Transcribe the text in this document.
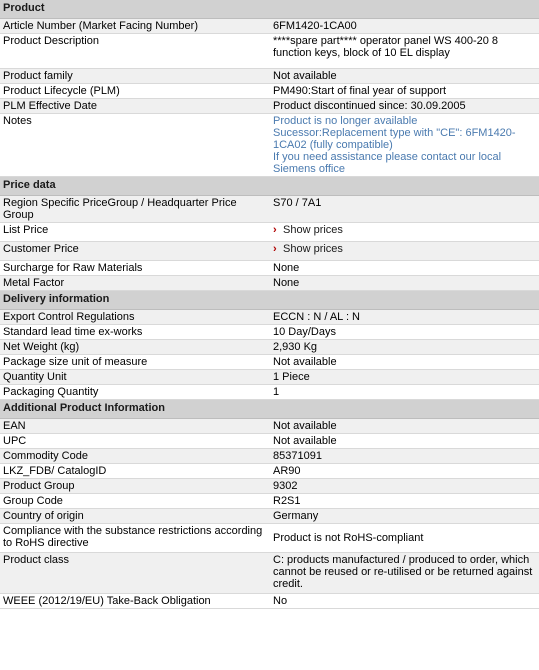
Product	
Article Number (Market Facing Number)	6FM1420-1CA00
Product Description	****spare part**** operator panel WS 400-20 8 function keys, block of 10 EL display
Product family	Not available
Product Lifecycle (PLM)	PM490:Start of final year of support
PLM Effective Date	Product discontinued since: 30.09.2005
Notes	Product is no longer available
Sucessor:Replacement type with "CE": 6FM1420-1CA02 (fully compatible)
If you need assistance please contact our local Siemens office

Price data	
Region Specific PriceGroup / Headquarter Price Group	S70 / 7A1
List Price	› Show prices
Customer Price	› Show prices
Surcharge for Raw Materials	None
Metal Factor	None
Delivery information	
Export Control Regulations	ECCN : N / AL : N
Standard lead time ex-works	10 Day/Days
Net Weight (kg)	2,930 Kg
Package size unit of measure	Not available
Quantity Unit	1 Piece
Packaging Quantity	1
Additional Product Information	
EAN	Not available
UPC	Not available
Commodity Code	85371091
LKZ_FDB/ CatalogID	AR90
Product Group	9302
Group Code	R2S1
Country of origin	Germany
Compliance with the substance restrictions according to RoHS directive	Product is not RoHS-compliant
Product class	C: products manufactured / produced to order, which cannot be reused or re-utilised or be returned against credit.
WEEE (2012/19/EU) Take-Back Obligation	No
